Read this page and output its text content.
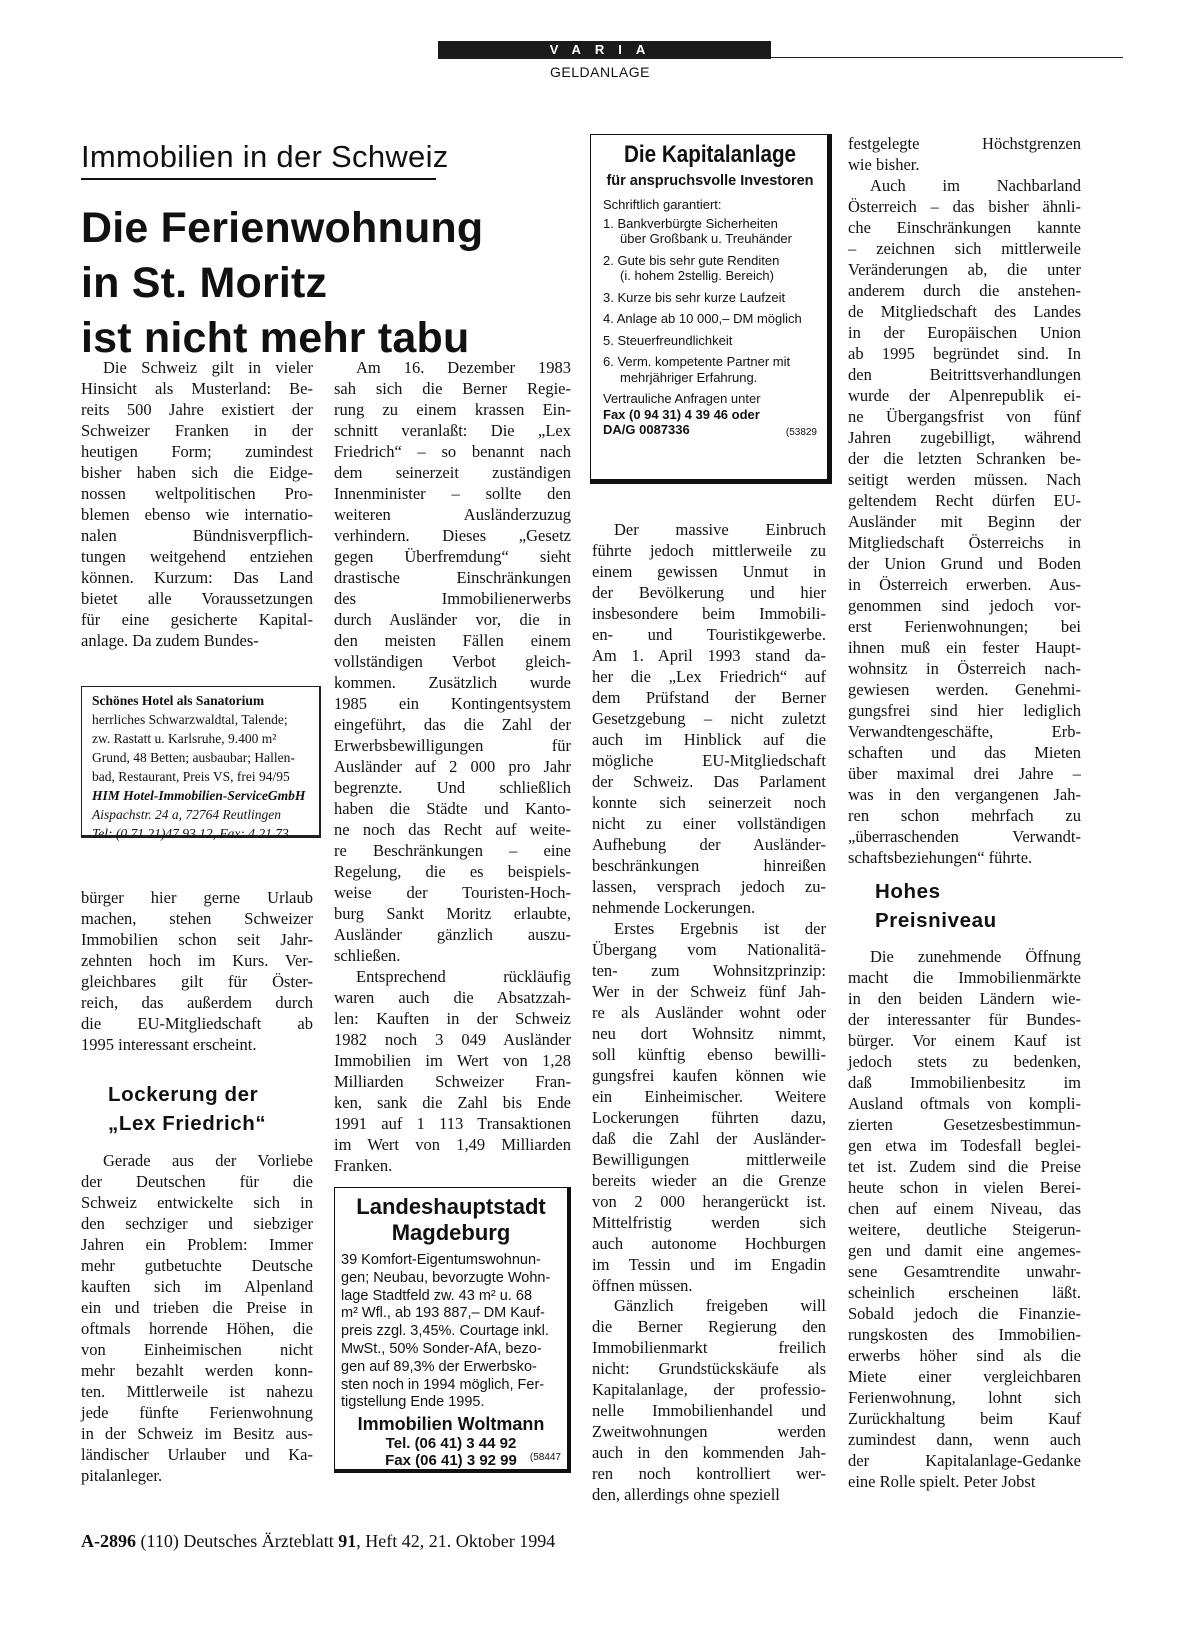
VARIA
GELDANLAGE
Immobilien in der Schweiz
Die Ferienwohnung
in St. Moritz
ist nicht mehr tabu
Die Schweiz gilt in vieler
Hinsicht als Musterland: Be-
reits 500 Jahre existiert der
Schweizer Franken in der
heutigen Form; zumindest
bisher haben sich die Eidge-
nossen weltpolitischen Pro-
blemen ebenso wie internatio-
nalen Bündnisverpflich-
tungen weitgehend entziehen
können. Kurzum: Das Land
bietet alle Voraussetzungen
für eine gesicherte Kapital-
anlage. Da zudem Bundes-
bürger hier gerne Urlaub
machen, stehen Schweizer
Immobilien schon seit Jahr-
zehnten hoch im Kurs. Ver-
gleichbares gilt für Öster-
reich, das außerdem durch
die EU-Mitgliedschaft ab
1995 interessant erscheint.
Lockerung der
„Lex Friedrich“
Gerade aus der Vorliebe
der Deutschen für die
Schweiz entwickelte sich in
den sechziger und siebziger
Jahren ein Problem: Immer
mehr gutbetuchte Deutsche
kauften sich im Alpenland
ein und trieben die Preise in
oftmals horrende Höhen, die
von Einheimischen nicht
mehr bezahlt werden konn-
ten. Mittlerweile ist nahezu
jede fünfte Ferienwohnung
in der Schweiz im Besitz aus-
ländischer Urlauber und Ka-
pitalanleger.
Am 16. Dezember 1983
sah sich die Berner Regie-
rung zu einem krassen Ein-
schnitt veranlaßt: Die „Lex
Friedrich“ – so benannt nach
dem seinerzeit zuständigen
Innenminister – sollte den
weiteren Ausländerzuzug
verhindern. Dieses „Gesetz
gegen Überfremdung“ sieht
drastische Einschränkungen
des Immobilienerwerbs
durch Ausländer vor, die in
den meisten Fällen einem
vollständigen Verbot gleich-
kommen. Zusätzlich wurde
1985 ein Kontingentsystem
eingeführt, das die Zahl der
Erwerbsbewilligungen für
Ausländer auf 2 000 pro Jahr
begrenzte. Und schließlich
haben die Städte und Kanto-
ne noch das Recht auf weite-
re Beschränkungen – eine
Regelung, die es beispiels-
weise der Touristen-Hoch-
burg Sankt Moritz erlaubte,
Ausländer gänzlich auszu-
schließen.
Entsprechend rückläufig
waren auch die Absatzzah-
len: Kauften in der Schweiz
1982 noch 3 049 Ausländer
Immobilien im Wert von 1,28
Milliarden Schweizer Fran-
ken, sank die Zahl bis Ende
1991 auf 1 113 Transaktionen
im Wert von 1,49 Milliarden
Franken.
Der massive Einbruch
führte jedoch mittlerweile zu
einem gewissen Unmut in
der Bevölkerung und hier
insbesondere beim Immobili-
en- und Touristikgewerbe.
Am 1. April 1993 stand da-
her die „Lex Friedrich“ auf
dem Prüfstand der Berner
Gesetzgebung – nicht zuletzt
auch im Hinblick auf die
mögliche EU-Mitgliedschaft
der Schweiz. Das Parlament
konnte sich seinerzeit noch
nicht zu einer vollständigen
Aufhebung der Ausländer-
beschränkungen hinreißen
lassen, versprach jedoch zu-
nehmende Lockerungen.
Erstes Ergebnis ist der
Übergang vom Nationalitä-
ten- zum Wohnsitzprinzip:
Wer in der Schweiz fünf Jah-
re als Ausländer wohnt oder
neu dort Wohnsitz nimmt,
soll künftig ebenso bewilli-
gungsfrei kaufen können wie
ein Einheimischer. Weitere
Lockerungen führten dazu,
daß die Zahl der Ausländer-
Bewilligungen mittlerweile
bereits wieder an die Grenze
von 2 000 herangerückt ist.
Mittelfristig werden sich
auch autonome Hochburgen
im Tessin und im Engadin
öffnen müssen.
Gänzlich freigeben will
die Berner Regierung den
Immobilienmarkt freilich
nicht: Grundstückskäufe als
Kapitalanlage, der professio-
nelle Immobilienhandel und
Zweitwohnungen werden
auch in den kommenden Jah-
ren noch kontrolliert wer-
den, allerdings ohne speziell
festgelegte Höchstgrenzen
wie bisher.
Auch im Nachbarland
Österreich – das bisher ähnli-
che Einschränkungen kannte
– zeichnen sich mittlerweile
Veränderungen ab, die unter
anderem durch die anstehen-
de Mitgliedschaft des Landes
in der Europäischen Union
ab 1995 begründet sind. In
den Beitrittsverhandlungen
wurde der Alpenrepublik ei-
ne Übergangsfrist von fünf
Jahren zugebilligt, während
der die letzten Schranken be-
seitigt werden müssen. Nach
geltendem Recht dürfen EU-
Ausländer mit Beginn der
Mitgliedschaft Österreichs in
der Union Grund und Boden
in Österreich erwerben. Aus-
genommen sind jedoch vor-
erst Ferienwohnungen; bei
ihnen muß ein fester Haupt-
wohnsitz in Österreich nach-
gewiesen werden. Genehmi-
gungsfrei sind hier lediglich
Verwandtengeschäfte, Erb-
schaften und das Mieten
über maximal drei Jahre –
was in den vergangenen Jah-
ren schon mehrfach zu
„überraschenden Verwandt-
schaftsbeziehungen“ führte.
Hohes
Preisniveau
Die zunehmende Öffnung
macht die Immobilienmärkte
in den beiden Ländern wie-
der interessanter für Bundes-
bürger. Vor einem Kauf ist
jedoch stets zu bedenken,
daß Immobilienbesitz im
Ausland oftmals von kompli-
zierten Gesetzesbestimmun-
gen etwa im Todesfall beglei-
tet ist. Zudem sind die Preise
heute schon in vielen Berei-
chen auf einem Niveau, das
weitere, deutliche Steigerun-
gen und damit eine angemes-
sene Gesamtrendite unwahr-
scheinlich erscheinen läßt.
Sobald jedoch die Finanzie-
rungskosten des Immobilien-
erwerbs höher sind als die
Miete einer vergleichbaren
Ferienwohnung, lohnt sich
Zurückhaltung beim Kauf
zumindest dann, wenn auch
der Kapitalanlage-Gedanke
eine Rolle spielt. Peter Jobst
Schönes Hotel als Sanatorium
herrliches Schwarzwaldtal, Talende;
zw. Rastatt u. Karlsruhe, 9.400 m²
Grund, 48 Betten; ausbaubar; Hallen-
bad, Restaurant, Preis VS, frei 94/95
HIM Hotel-Immobilien-ServiceGmbH
Aispachstr. 24 a, 72764 Reutlingen
Tel: (0 71 21)47 93 12, Fax: 4 21 73
Die Kapitalanlage
für anspruchsvolle Investoren
Schriftlich garantiert:
1. Bankverbürgte Sicherheiten
über Großbank u. Treuhänder
2. Gute bis sehr gute Renditen
(i. hohem 2stellig. Bereich)
3. Kurze bis sehr kurze Laufzeit
4. Anlage ab 10 000,– DM möglich
5. Steuerfreundlichkeit
6. Verm. kompetente Partner mit
mehrjähriger Erfahrung.
Vertrauliche Anfragen unter
Fax (0 94 31) 4 39 46 oder
DA/G 0087336	(53829
Landeshauptstadt
Magdeburg
39 Komfort-Eigentumswohnun-
gen; Neubau, bevorzugte Wohn-
lage Stadtfeld zw. 43 m² u. 68
m² Wfl., ab 193 887,– DM Kauf-
preis zzgl. 3,45%. Courtage inkl.
MwSt., 50% Sonder-AfA, bezo-
gen auf 89,3% der Erwerbsko-
sten noch in 1994 möglich, Fer-
tigstellung Ende 1995.
Immobilien Woltmann
Tel. (06 41) 3 44 92
Fax (06 41) 3 92 99	(58447
A-2896 (110) Deutsches Ärzteblatt 91, Heft 42, 21. Oktober 1994
